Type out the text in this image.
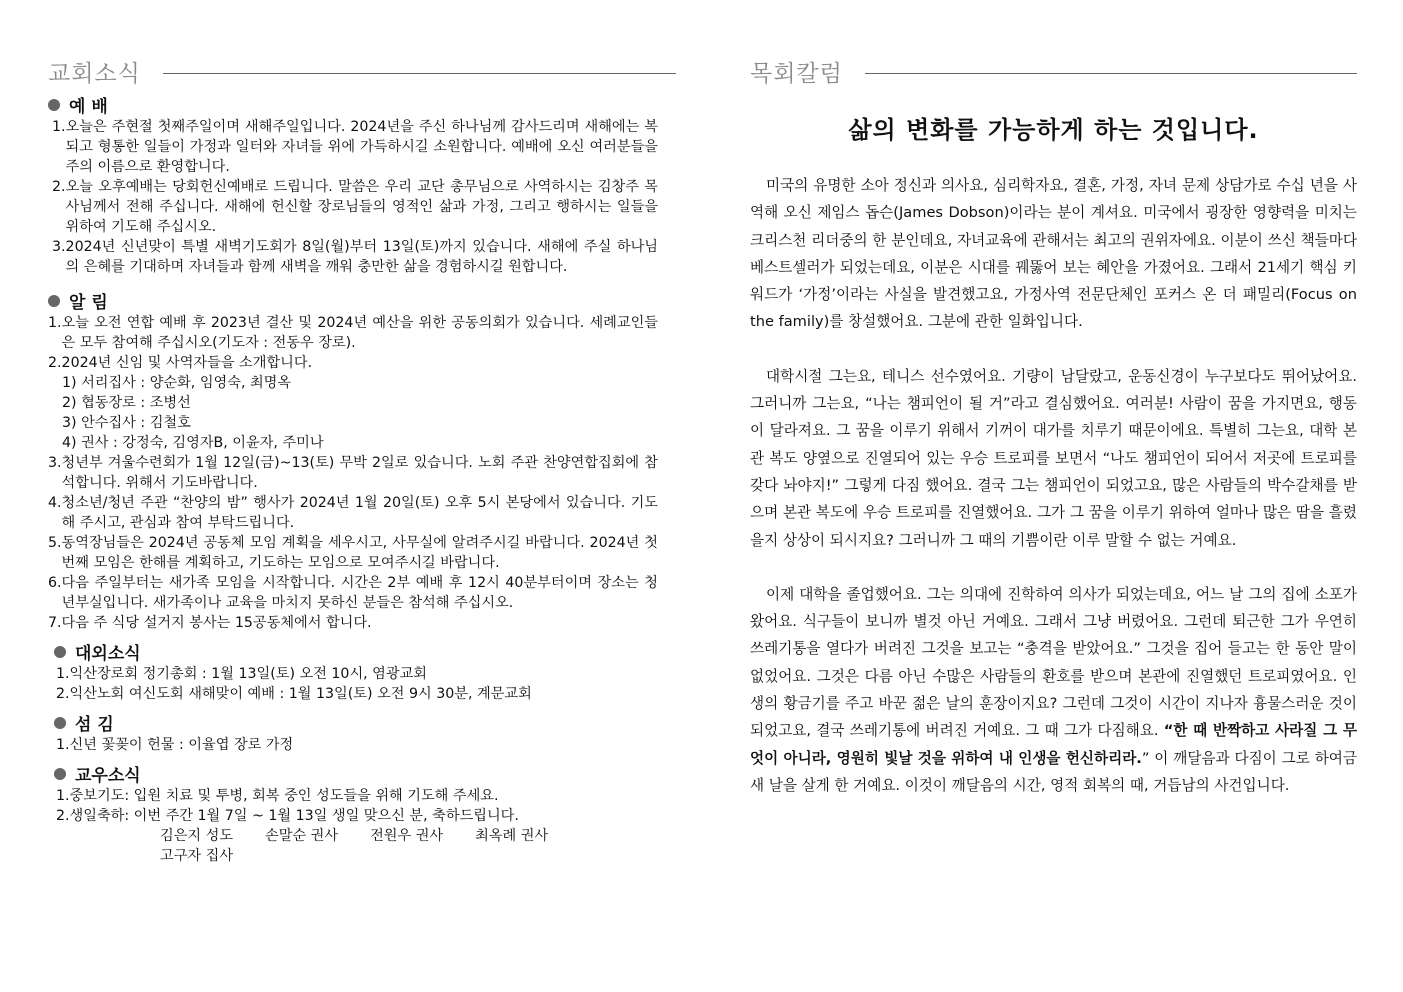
교회소식
예 배
1. 오늘은 주현절 첫째주일이며 새해주일입니다. 2024년을 주신 하나님께 감사드리며 새해에는 복되고 형통한 일들이 가정과 일터와 자녀들 위에 가득하시길 소원합니다. 예배에 오신 여러분들을 주의 이름으로 환영합니다.
2. 오늘 오후예배는 당회헌신예배로 드립니다. 말씀은 우리 교단 총무님으로 사역하시는 김창주 목사님께서 전해 주십니다. 새해에 헌신할 장로님들의 영적인 삶과 가정, 그리고 행하시는 일들을 위하여 기도해 주십시오.
3. 2024년 신년맞이 특별 새벽기도회가 8일(월)부터 13일(토)까지 있습니다. 새해에 주실 하나님의 은혜를 기대하며 자녀들과 함께 새벽을 깨워 충만한 삶을 경험하시길 원합니다.
알 림
1. 오늘 오전 연합 예배 후 2023년 결산 및 2024년 예산을 위한 공동의회가 있습니다. 세례교인들은 모두 참여해 주십시오(기도자 : 전동우 장로).
2. 2024년 신임 및 사역자들을 소개합니다.
1) 서리집사 : 양순화, 임영숙, 최명옥
2) 협동장로 : 조병선
3) 안수집사 : 김철호
4) 권사 : 강정숙, 김영자B, 이윤자, 주미나
3. 청년부 겨울수련회가 1월 12일(금)~13(토) 무박 2일로 있습니다. 노회 주관 찬양연합집회에 참석합니다. 위해서 기도바랍니다.
4. 청소년/청년 주관 “찬양의 밤” 행사가 2024년 1월 20일(토) 오후 5시 본당에서 있습니다. 기도해 주시고, 관심과 참여 부탁드립니다.
5. 동역장님들은 2024년 공동체 모임 계획을 세우시고, 사무실에 알려주시길 바랍니다. 2024년 첫번째 모임은 한해를 계획하고, 기도하는 모임으로 모여주시길 바랍니다.
6. 다음 주일부터는 새가족 모임을 시작합니다. 시간은 2부 예배 후 12시 40분부터이며 장소는 청년부실입니다. 새가족이나 교육을 마치지 못하신 분들은 참석해 주십시오.
7. 다음 주 식당 설거지 봉사는 15공동체에서 합니다.
대외소식
1. 익산장로회 정기총회 : 1월 13일(토) 오전 10시, 염광교회
2. 익산노회 여신도회 새해맞이 예배 : 1월 13일(토) 오전 9시 30분, 계문교회
섬 김
1. 신년 꽃꽂이 헌물 : 이율엽 장로 가정
교우소식
1. 중보기도: 입원 치료 및 투병, 회복 중인 성도들을 위해 기도해 주세요.
2. 생일축하: 이번 주간 1월 7일 ~ 1월 13일 생일 맞으신 분, 축하드립니다.
김은지 성도 손말순 권사 전원우 권사 최옥례 권사
고구자 집사
목회칼럼
삶의 변화를 가능하게 하는 것입니다.

미국의 유명한 소아 정신과 의사요, 심리학자요, 결혼, 가정, 자녀 문제 상담가로 수십 년을 사역해 오신 제임스 돕슨(James Dobson)이라는 분이 계셔요. 미국에서 굉장한 영향력을 미치는 크리스천 리더중의 한 분인데요, 자녀교육에 관해서는 최고의 권위자에요. 이분이 쓰신 책들마다 베스트셀러가 되었는데요, 이분은 시대를 꿰뚫어 보는 혜안을 가졌어요. 그래서 21세기 핵심 키워드가 ‘가정’이라는 사실을 발견했고요, 가정사역 전문단체인 포커스 온 더 패밀리(Focus on the family)를 창설했어요. 그분에 관한 일화입니다.

대학시절 그는요, 테니스 선수였어요. 기량이 남달랐고, 운동신경이 누구보다도 뛰어났어요. 그러니까 그는요, “나는 챔피언이 될 거”라고 결심했어요. 여러분! 사람이 꿈을 가지면요, 행동이 달라져요. 그 꿈을 이루기 위해서 기꺼이 대가를 치루기 때문이에요. 특별히 그는요, 대학 본관 복도 양옆으로 진열되어 있는 우승 트로피를 보면서 “나도 챔피언이 되어서 저곳에 트로피를 갖다 놔야지!” 그렇게 다짐 했어요. 결국 그는 챔피언이 되었고요, 많은 사람들의 박수갈채를 받으며 본관 복도에 우승 트로피를 진열했어요. 그가 그 꿈을 이루기 위하여 얼마나 많은 땀을 흘렸을지 상상이 되시지요? 그러니까 그 때의 기쁨이란 이루 말할 수 없는 거예요.

이제 대학을 졸업했어요. 그는 의대에 진학하여 의사가 되었는데요, 어느 날 그의 집에 소포가 왔어요. 식구들이 보니까 별것 아닌 거예요. 그래서 그냥 버렸어요. 그런데 퇴근한 그가 우연히 쓰레기통을 열다가 버려진 그것을 보고는 “충격을 받았어요.” 그것을 집어 들고는 한 동안 말이 없었어요. 그것은 다름 아닌 수많은 사람들의 환호를 받으며 본관에 진열했던 트로피였어요. 인생의 황금기를 주고 바꾼 젊은 날의 훈장이지요? 그런데 그것이 시간이 지나자 흉물스러운 것이 되었고요, 결국 쓰레기통에 버려진 거예요. 그 때 그가 다짐해요. “한 때 반짝하고 사라질 그 무엇이 아니라, 영원히 빛날 것을 위하여 내 인생을 헌신하리라.” 이 깨달음과 다짐이 그로 하여금 새 날을 살게 한 거예요. 이것이 깨달음의 시간, 영적 회복의 때, 거듭남의 사건입니다.
